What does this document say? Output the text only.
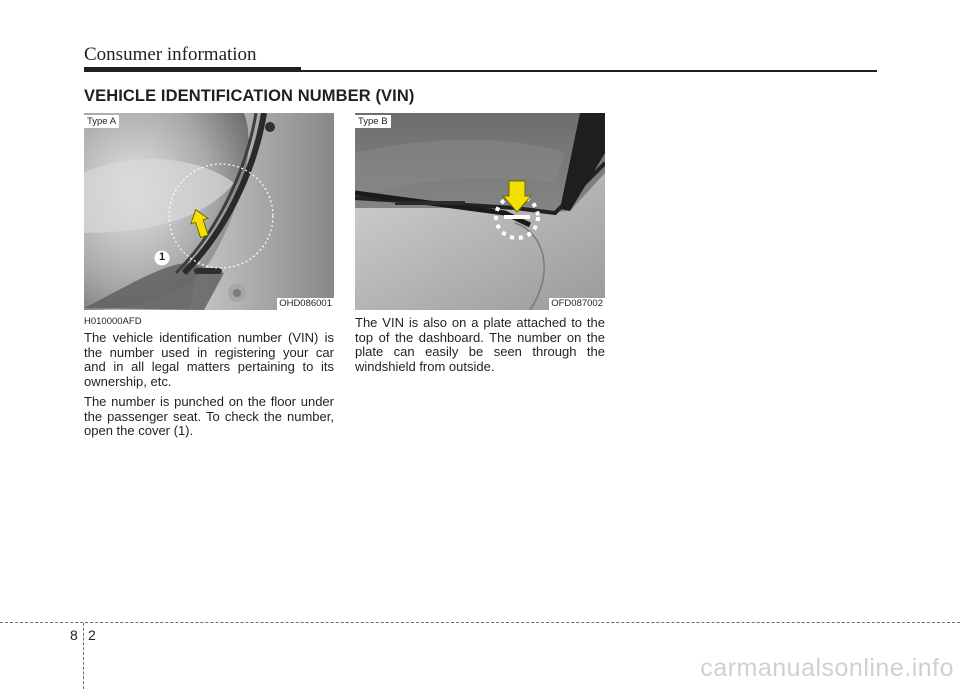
Consumer information
VEHICLE IDENTIFICATION NUMBER (VIN)
1
Type A
OHD086001
Type B
OFD087002
H010000AFD

The vehicle identification number (VIN) is the number used in registering your car and in all legal matters pertaining to its ownership, etc.

The number is punched on the floor under the passenger seat. To check the number, open the cover (1).

The VIN is also on a plate attached to the top of the dashboard. The number on the plate can easily be seen through the windshield from outside.

8 2
carmanualsonline.info
